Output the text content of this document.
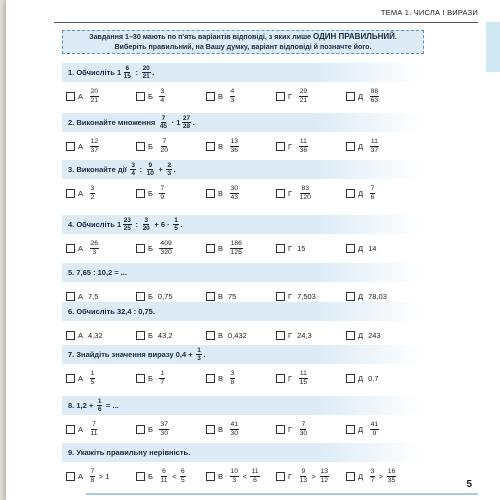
ТЕМА 1. ЧИСЛА І ВИРАЗИ
Завдання 1–30 мають по п'ять варіантів відповіді, з яких лише ОДИН ПРАВИЛЬНИЙ.
Виберіть правильний, на Вашу думку, варіант відповіді й позначте його.
1. Обчисліть $1 \frac{6}{15}$ : $\frac{20}{21}$ .
А $\frac{20}{21}$	Б $\frac{3}{4}$	В $\frac{4}{3}$	Г $\frac{29}{21}$	Д $\frac{88}{63}$
2. Виконайте множення $\frac{7}{45} \cdot 1 \frac{27}{28}$ .
А $\frac{12}{37}$	Б $\frac{7}{20}$	В $\frac{13}{36}$	Г $\frac{11}{36}$	Д $\frac{11}{37}$
3. Виконайте дії $\frac{3}{4}$ : $\frac{9}{10} + \frac{2}{3}$ .
А $\frac{3}{2}$	Б $\frac{7}{9}$	В $\frac{30}{43}$	Г $\frac{83}{120}$	Д $\frac{7}{6}$
4. Обчисліть $1 \frac{23}{25}$ : $\frac{3}{20} + 6 \cdot \frac{1}{5}$ .
А $\frac{26}{3}$	Б $\frac{409}{320}$	В $\frac{186}{125}$	Г 15	Д 14
5. 7,65 : 10,2 = ...
А 7,5	Б 0,75	В 75	Г 7,503	Д 78,03
6. Обчисліть 32,4 : 0,75.
А 4,32	Б 43,2	В 0,432	Г 24,3	Д 243
7. Знайдіть значення виразу $0,4 + \frac{1}{3}$ .
А $\frac{1}{5}$	Б $\frac{1}{7}$	В $\frac{3}{8}$	Г $\frac{11}{15}$	Д 0,7
8. $1,2 + \frac{1}{6}$ = ...
А $\frac{7}{11}$	Б $\frac{37}{30}$	В $\frac{41}{30}$	Г $\frac{7}{30}$	Д $\frac{41}{9}$
9. Укажіть правильну нерівність.
А $\frac{7}{8} > 1$	Б $\frac{6}{11} < \frac{6}{5}$	В $\frac{10}{3} < \frac{11}{6}$	Г $\frac{9}{13} > \frac{13}{12}$	Д $\frac{3}{7} > \frac{16}{35}$	5
